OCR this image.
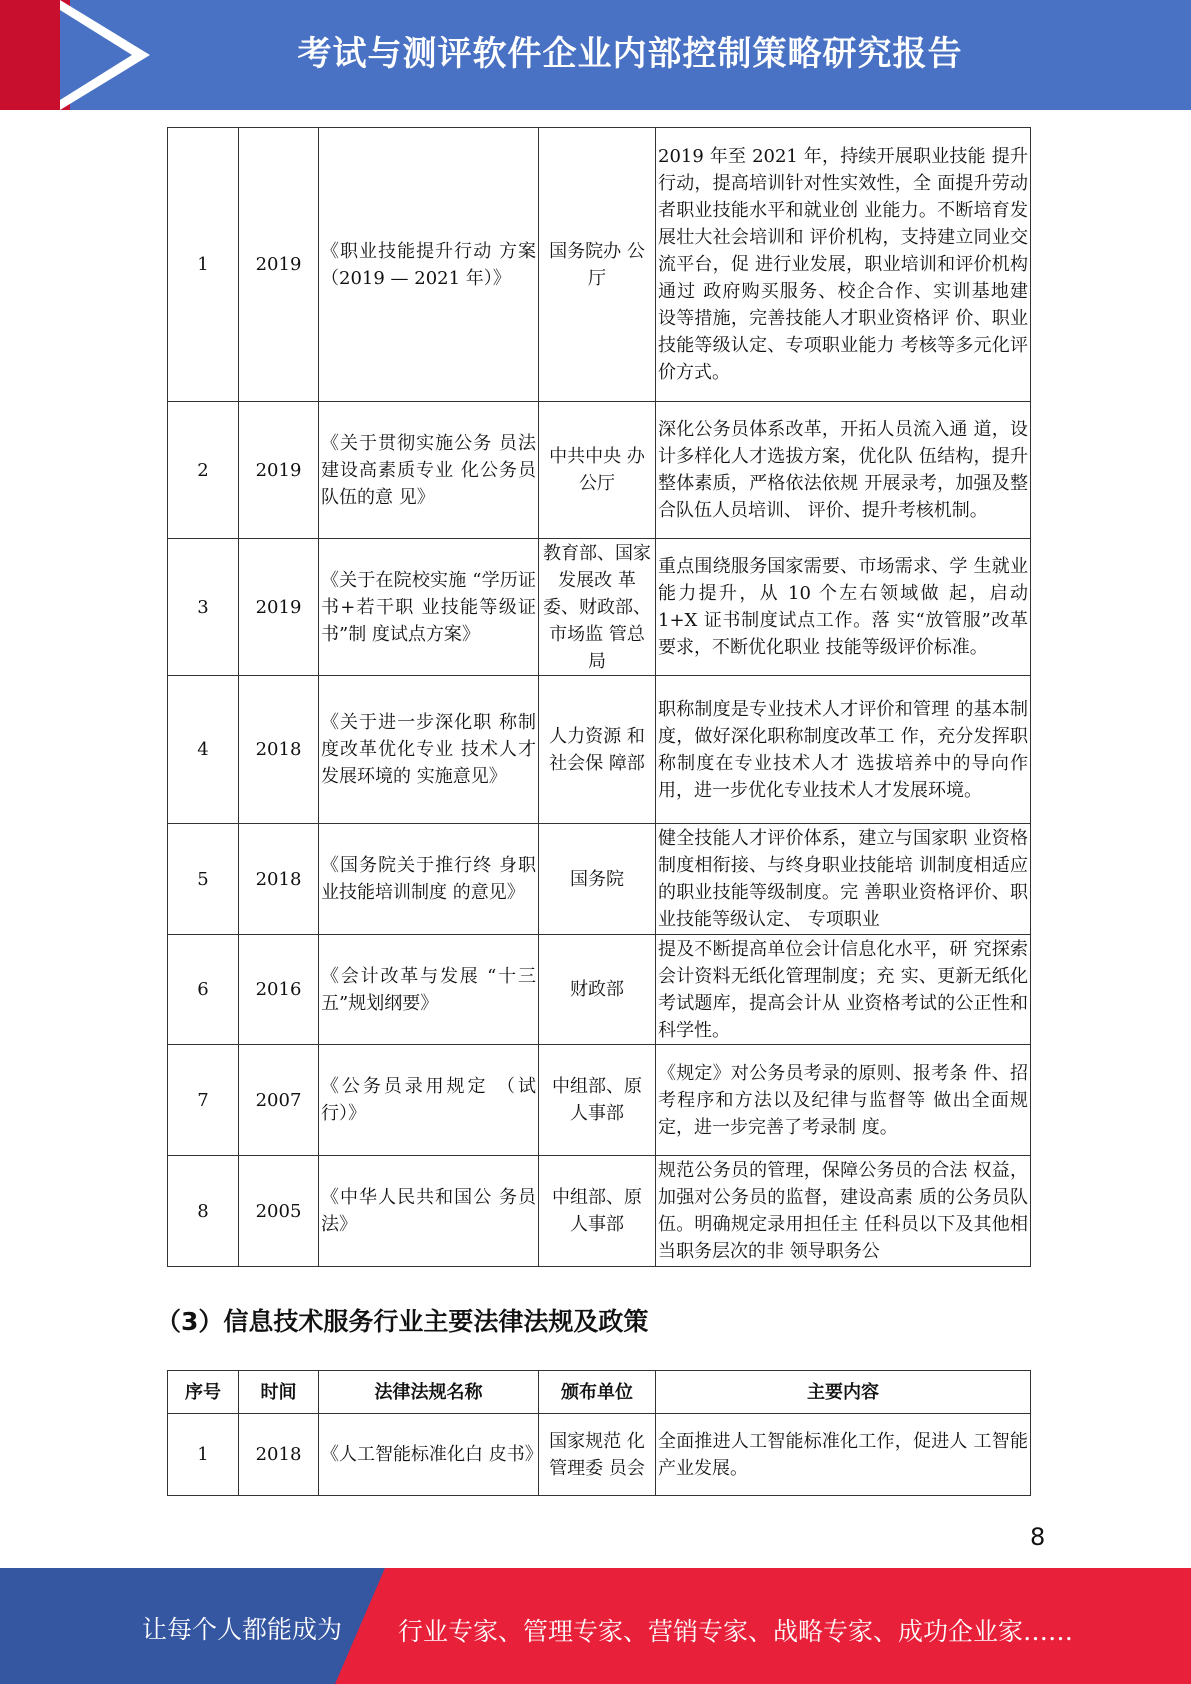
考试与测评软件企业内部控制策略研究报告
1	2019	《职业技能提升行动 方案（2019 — 2021 年）》	国务院办 公厅	2019 年至 2021 年，持续开展职业技能 提升行动，提高培训针对性实效性，全 面提升劳动者职业技能水平和就业创 业能力。不断培育发展壮大社会培训和 评价机构，支持建立同业交流平台，促 进行业发展，职业培训和评价机构通过 政府购买服务、校企合作、实训基地建 设等措施，完善技能人才职业资格评 价、职业技能等级认定、专项职业能力 考核等多元化评价方式。
2	2019	《关于贯彻实施公务 员法建设高素质专业 化公务员队伍的意 见》	中共中央 办公厅	深化公务员体系改革，开拓人员流入通 道，设计多样化人才选拔方案，优化队 伍结构，提升整体素质，严格依法依规 开展录考，加强及整合队伍人员培训、 评价、提升考核机制。
3	2019	《关于在院校实施 “学历证书+若干职 业技能等级证书”制 度试点方案》	教育部、国家发展改 革委、财政部、市场监 管总局	重点围绕服务国家需要、市场需求、学 生就业能力提升，从 10 个左右领域做 起，启动 1+X 证书制度试点工作。落 实“放管服”改革要求，不断优化职业 技能等级评价标准。
4	2018	《关于进一步深化职 称制度改革优化专业 技术人才发展环境的 实施意见》	人力资源 和社会保 障部	职称制度是专业技术人才评价和管理 的基本制度，做好深化职称制度改革工 作，充分发挥职称制度在专业技术人才 选拔培养中的导向作用，进一步优化专业技术人才发展环境。
5	2018	《国务院关于推行终 身职业技能培训制度 的意见》	国务院	健全技能人才评价体系，建立与国家职 业资格制度相衔接、与终身职业技能培 训制度相适应的职业技能等级制度。完 善职业资格评价、职业技能等级认定、 专项职业
6	2016	《会计改革与发展 “十三五”规划纲要》	财政部	提及不断提高单位会计信息化水平，研 究探索会计资料无纸化管理制度；充 实、更新无纸化考试题库，提高会计从 业资格考试的公正性和科学性。
7	2007	《公务员录用规定 （试行）》	中组部、原 人事部	《规定》对公务员考录的原则、报考条 件、招考程序和方法以及纪律与监督等 做出全面规定，进一步完善了考录制 度。
8	2005	《中华人民共和国公 务员法》	中组部、原 人事部	规范公务员的管理，保障公务员的合法 权益，加强对公务员的监督，建设高素 质的公务员队伍。明确规定录用担任主 任科员以下及其他相当职务层次的非 领导职务公
（3）信息技术服务行业主要法律法规及政策
序号	时间	法律法规名称	颁布单位	主要内容
1	2018	《人工智能标准化白 皮书》	国家规范 化管理委 员会	全面推进人工智能标准化工作，促进人 工智能产业发展。
8
让每个人都能成为 行业专家、管理专家、营销专家、战略专家、成功企业家……
